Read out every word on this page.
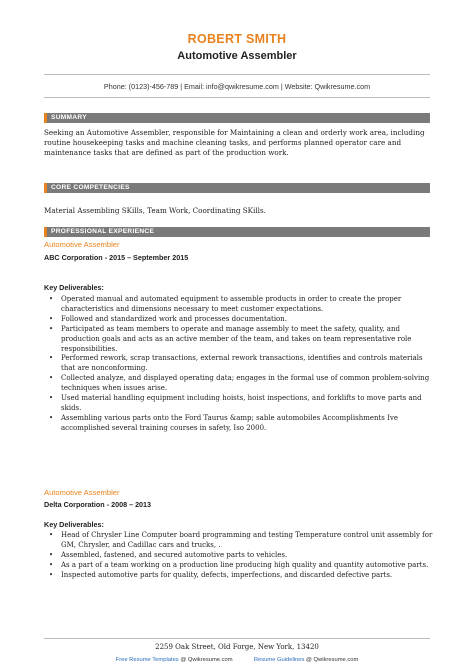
ROBERT SMITH
Automotive Assembler
Phone: (0123)-456-789 | Email: info@qwikresume.com | Website: Qwikresume.com
SUMMARY
Seeking an Automotive Assembler, responsible for Maintaining a clean and orderly work area, including routine housekeeping tasks and machine cleaning tasks, and performs planned operator care and maintenance tasks that are defined as part of the production work.
CORE COMPETENCIES
Material Assembling SKills, Team Work, Coordinating SKills.
PROFESSIONAL EXPERIENCE
Automotive Assembler
ABC Corporation - 2015 – September 2015
Key Deliverables:
• Operated manual and automated equipment to assemble products in order to create the proper characteristics and dimensions necessary to meet customer expectations.
• Followed and standardized work and processes documentation.
• Participated as team members to operate and manage assembly to meet the safety, quality, and production goals and acts as an active member of the team, and takes on team representative role responsibilities.
• Performed rework, scrap transactions, external rework transactions, identifies and controls materials that are nonconforming.
• Collected analyze, and displayed operating data; engages in the formal use of common problem-solving techniques when issues arise.
• Used material handling equipment including hoists, hoist inspections, and forklifts to move parts and skids.
• Assembling various parts onto the Ford Taurus &amp; sable automobiles Accomplishments Ive accomplished several training courses in safety, Iso 2000.
Automotive Assembler
Delta Corporation - 2008 – 2013
Key Deliverables:
• Head of Chrysler Line Computer board programming and testing Temperature control unit assembly for GM, Chrysler, and Cadillac cars and trucks, .
• Assembled, fastened, and secured automotive parts to vehicles.
• As a part of a team working on a production line producing high quality and quantity automotive parts.
• Inspected automotive parts for quality, defects, imperfections, and discarded defective parts.
2259 Oak Street, Old Forge, New York, 13420
Free Resume Templates @ Qwikresume.com	Resume Guidelines @ Qwikresume.com
